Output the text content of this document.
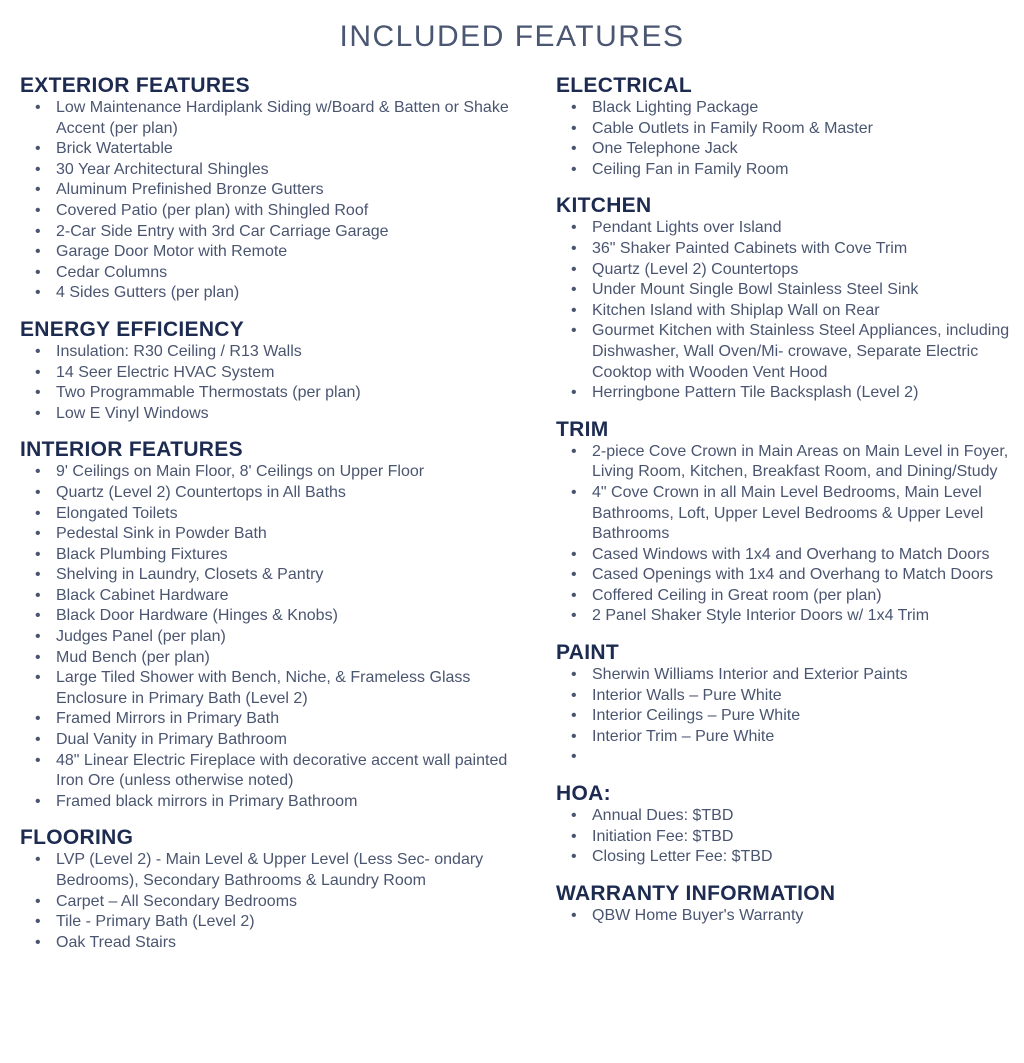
INCLUDED FEATURES
EXTERIOR FEATURES
• Low Maintenance Hardiplank Siding w/Board & Batten or Shake Accent (per plan)
• Brick Watertable
• 30 Year Architectural Shingles
• Aluminum Prefinished Bronze Gutters
• Covered Patio (per plan) with Shingled Roof
• 2-Car Side Entry with 3rd Car Carriage Garage
• Garage Door Motor with Remote
• Cedar Columns
• 4 Sides Gutters (per plan)
ENERGY EFFICIENCY
• Insulation: R30 Ceiling / R13 Walls
• 14 Seer Electric HVAC System
• Two Programmable Thermostats (per plan)
• Low E Vinyl Windows
INTERIOR FEATURES
• 9' Ceilings on Main Floor, 8' Ceilings on Upper Floor
• Quartz (Level 2) Countertops in All Baths
• Elongated Toilets
• Pedestal Sink in Powder Bath
• Black Plumbing Fixtures
• Shelving in Laundry, Closets & Pantry
• Black Cabinet Hardware
• Black Door Hardware (Hinges & Knobs)
• Judges Panel (per plan)
• Mud Bench (per plan)
• Large Tiled Shower with Bench, Niche, & Frameless Glass Enclosure in Primary Bath (Level 2)
• Framed Mirrors in Primary Bath
• Dual Vanity in Primary Bathroom
• 48" Linear Electric Fireplace with decorative accent wall painted Iron Ore (unless otherwise noted)
• Framed black mirrors in Primary Bathroom
FLOORING
• LVP (Level 2) - Main Level & Upper Level (Less Sec- ondary Bedrooms), Secondary Bathrooms & Laundry Room
• Carpet – All Secondary Bedrooms
• Tile - Primary Bath (Level 2)
• Oak Tread Stairs
ELECTRICAL
• Black Lighting Package
• Cable Outlets in Family Room & Master
• One Telephone Jack
• Ceiling Fan in Family Room
KITCHEN
• Pendant Lights over Island
• 36" Shaker Painted Cabinets with Cove Trim
• Quartz (Level 2) Countertops
• Under Mount Single Bowl Stainless Steel Sink
• Kitchen Island with Shiplap Wall on Rear
• Gourmet Kitchen with Stainless Steel Appliances, including Dishwasher, Wall Oven/Mi- crowave, Separate Electric Cooktop with Wooden Vent Hood
• Herringbone Pattern Tile Backsplash (Level 2)
TRIM
• 2-piece Cove Crown in Main Areas on Main Level in Foyer, Living Room, Kitchen, Breakfast Room, and Dining/Study
• 4" Cove Crown in all Main Level Bedrooms, Main Level Bathrooms, Loft, Upper Level Bedrooms & Upper Level Bathrooms
• Cased Windows with 1x4 and Overhang to Match Doors
• Cased Openings with 1x4 and Overhang to Match Doors
• Coffered Ceiling in Great room (per plan)
• 2 Panel Shaker Style Interior Doors w/ 1x4 Trim
PAINT
• Sherwin Williams Interior and Exterior Paints
• Interior Walls – Pure White
• Interior Ceilings – Pure White
• Interior Trim – Pure White
•
HOA:
• Annual Dues: $TBD
• Initiation Fee: $TBD
• Closing Letter Fee: $TBD
WARRANTY INFORMATION
• QBW Home Buyer's Warranty
